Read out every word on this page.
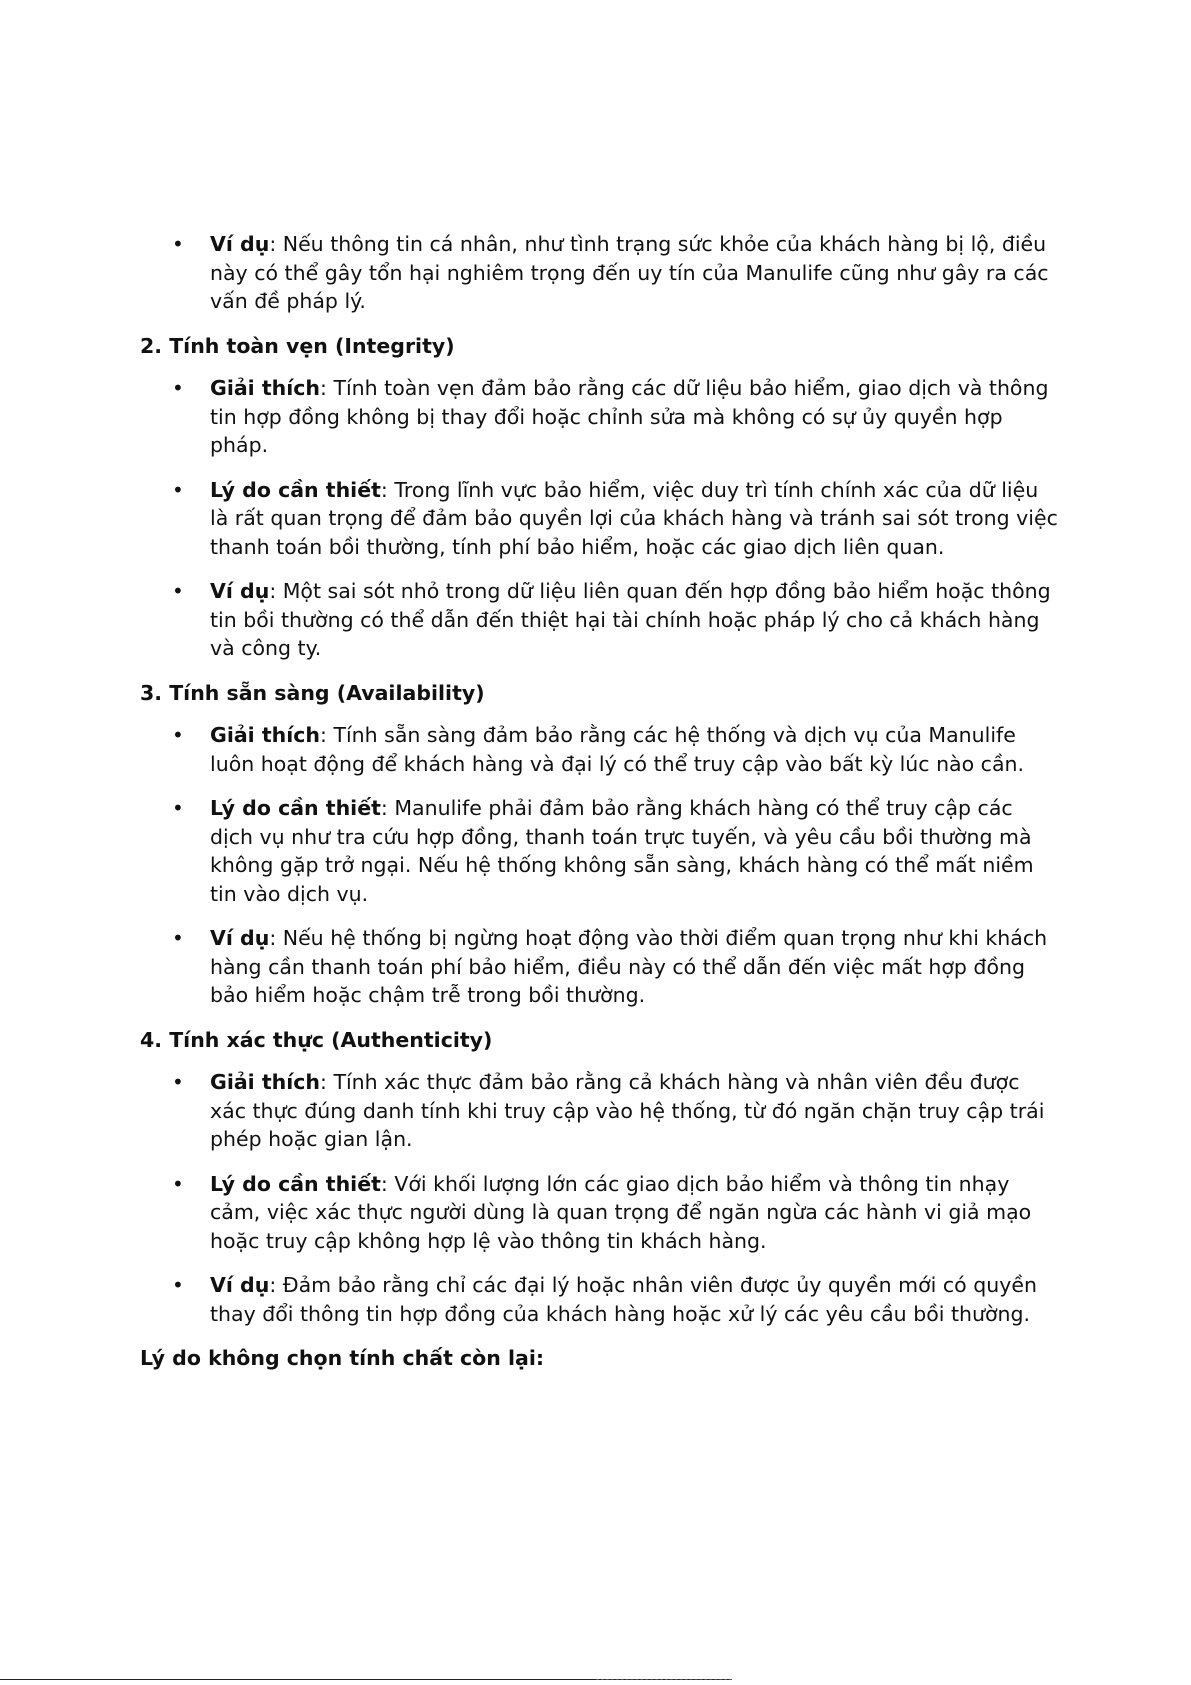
• Ví dụ: Nếu thông tin cá nhân, như tình trạng sức khỏe của khách hàng bị lộ, điều này có thể gây tổn hại nghiêm trọng đến uy tín của Manulife cũng như gây ra các vấn đề pháp lý.
2. Tính toàn vẹn (Integrity)
• Giải thích: Tính toàn vẹn đảm bảo rằng các dữ liệu bảo hiểm, giao dịch và thông tin hợp đồng không bị thay đổi hoặc chỉnh sửa mà không có sự ủy quyền hợp pháp.
• Lý do cần thiết: Trong lĩnh vực bảo hiểm, việc duy trì tính chính xác của dữ liệu là rất quan trọng để đảm bảo quyền lợi của khách hàng và tránh sai sót trong việc thanh toán bồi thường, tính phí bảo hiểm, hoặc các giao dịch liên quan.
• Ví dụ: Một sai sót nhỏ trong dữ liệu liên quan đến hợp đồng bảo hiểm hoặc thông tin bồi thường có thể dẫn đến thiệt hại tài chính hoặc pháp lý cho cả khách hàng và công ty.
3. Tính sẵn sàng (Availability)
• Giải thích: Tính sẵn sàng đảm bảo rằng các hệ thống và dịch vụ của Manulife luôn hoạt động để khách hàng và đại lý có thể truy cập vào bất kỳ lúc nào cần.
• Lý do cần thiết: Manulife phải đảm bảo rằng khách hàng có thể truy cập các dịch vụ như tra cứu hợp đồng, thanh toán trực tuyến, và yêu cầu bồi thường mà không gặp trở ngại. Nếu hệ thống không sẵn sàng, khách hàng có thể mất niềm tin vào dịch vụ.
• Ví dụ: Nếu hệ thống bị ngừng hoạt động vào thời điểm quan trọng như khi khách hàng cần thanh toán phí bảo hiểm, điều này có thể dẫn đến việc mất hợp đồng bảo hiểm hoặc chậm trễ trong bồi thường.
4. Tính xác thực (Authenticity)
• Giải thích: Tính xác thực đảm bảo rằng cả khách hàng và nhân viên đều được xác thực đúng danh tính khi truy cập vào hệ thống, từ đó ngăn chặn truy cập trái phép hoặc gian lận.
• Lý do cần thiết: Với khối lượng lớn các giao dịch bảo hiểm và thông tin nhạy cảm, việc xác thực người dùng là quan trọng để ngăn ngừa các hành vi giả mạo hoặc truy cập không hợp lệ vào thông tin khách hàng.
• Ví dụ: Đảm bảo rằng chỉ các đại lý hoặc nhân viên được ủy quyền mới có quyền thay đổi thông tin hợp đồng của khách hàng hoặc xử lý các yêu cầu bồi thường.
Lý do không chọn tính chất còn lại:
